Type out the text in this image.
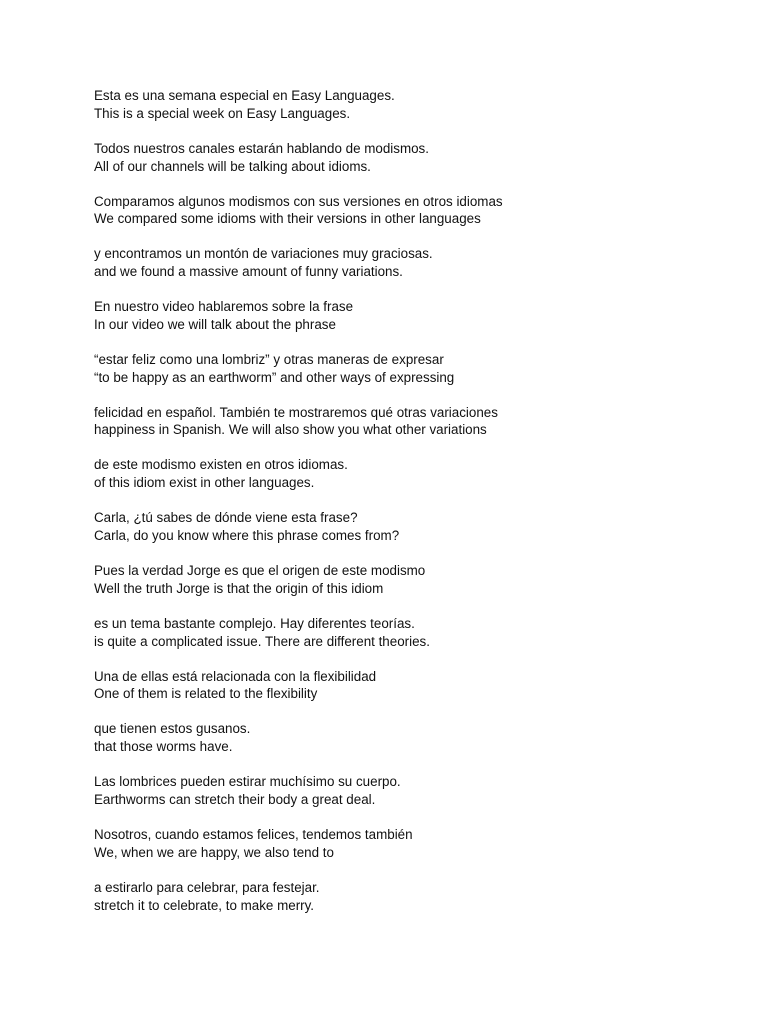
Esta es una semana especial en Easy Languages.
This is a special week on Easy Languages.
Todos nuestros canales estarán hablando de modismos.
All of our channels will be talking about idioms.
Comparamos algunos modismos con sus versiones en otros idiomas
We compared some idioms with their versions in other languages
y encontramos un montón de variaciones muy graciosas.
and we found a massive amount of funny variations.
En nuestro video hablaremos sobre la frase
In our video we will talk about the phrase
“estar feliz como una lombriz” y otras maneras de expresar
“to be happy as an earthworm” and other ways of expressing
felicidad en español. También te mostraremos qué otras variaciones
happiness in Spanish. We will also show you what other variations
de este modismo existen en otros idiomas.
of this idiom exist in other languages.
Carla, ¿tú sabes de dónde viene esta frase?
Carla, do you know where this phrase comes from?
Pues la verdad Jorge es que el origen de este modismo
Well the truth Jorge is that the origin of this idiom
es un tema bastante complejo. Hay diferentes teorías.
is quite a complicated issue. There are different theories.
Una de ellas está relacionada con la flexibilidad
One of them is related to the flexibility
que tienen estos gusanos.
that those worms have.
Las lombrices pueden estirar muchísimo su cuerpo.
Earthworms can stretch their body a great deal.
Nosotros, cuando estamos felices, tendemos también
We, when we are happy, we also tend to
a estirarlo para celebrar, para festejar.
stretch it to celebrate, to make merry.
